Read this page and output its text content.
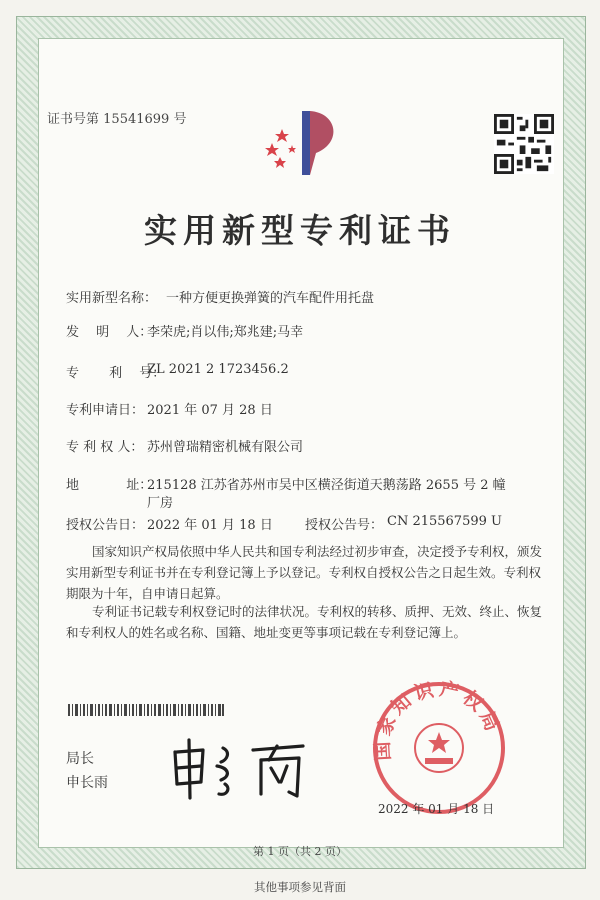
证书号第 15541699 号
实用新型专利证书
实用新型名称： 一种方便更换弹簧的汽车配件用托盘
发　 明 　人：
李荣虎;肖以伟;郑兆建;马幸
专 　　利 　号：
ZL 2021 2 1723456.2
专利申请日： 2021 年 07 月 28 日
专 利 权 人： 苏州曾瑞精密机械有限公司
地　 　 　址：
215128 江苏省苏州市吴中区横泾街道天鹅荡路 2655 号 2 幢
厂房
授权公告日： 2022 年 01 月 18 日 授权公告号： CN 215567599 U
国家知识产权局依照中华人民共和国专利法经过初步审查，决定授予专利权，颁发实用新型专利证书并在专利登记簿上予以登记。专利权自授权公告之日起生效。专利权期限为十年，自申请日起算。
专利证书记载专利权登记时的法律状况。专利权的转移、质押、无效、终止、恢复和专利权人的姓名或名称、国籍、地址变更等事项记载在专利登记簿上。
局长
申长雨
国家知识产权局
2022 年 01 月 18 日
第 1 页（共 2 页）
其他事项参见背面
